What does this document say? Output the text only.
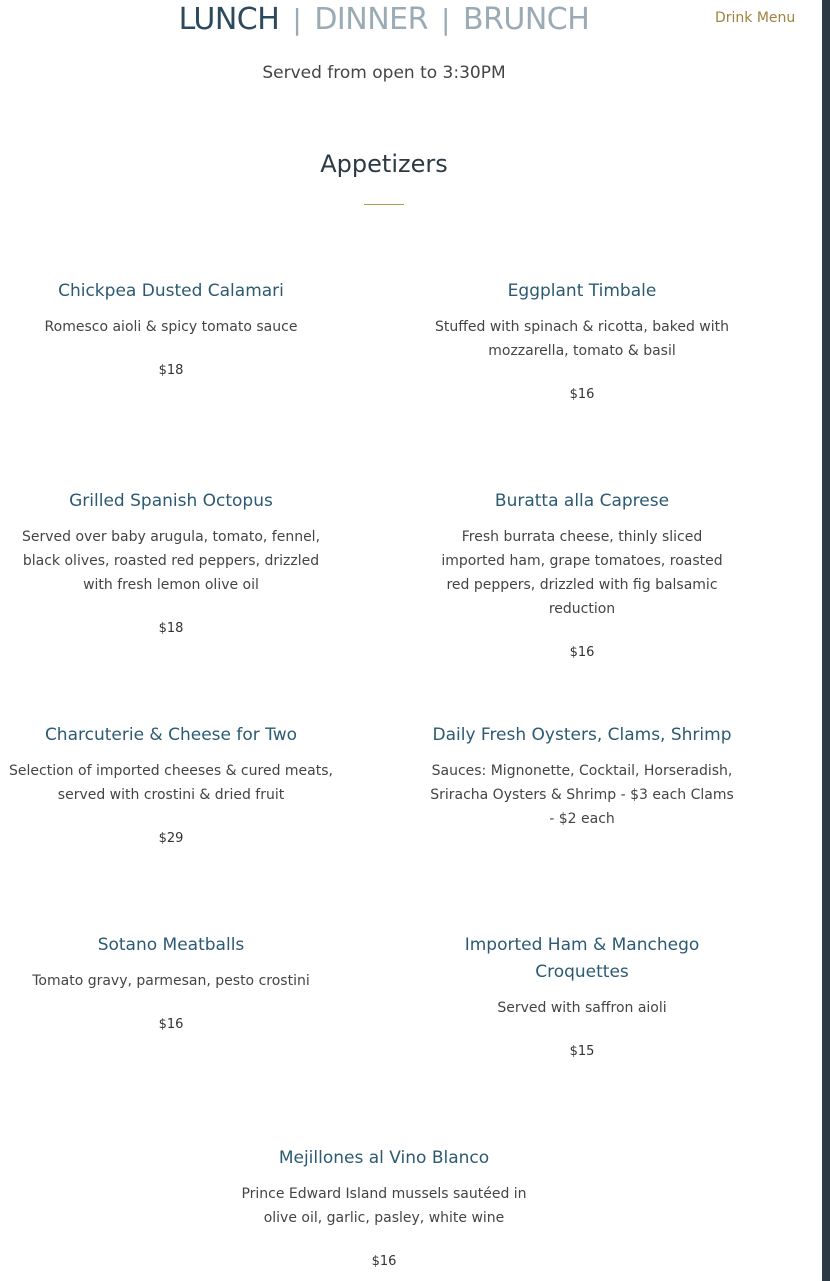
LUNCH | DINNER | BRUNCH	Drink Menu
Served from open to 3:30PM
Appetizers

Chickpea Dusted Calamari

Romesco aioli & spicy tomato sauce

$18

Eggplant Timbale

Stuffed with spinach & ricotta, baked with mozzarella, tomato & basil

$16

Grilled Spanish Octopus

Served over baby arugula, tomato, fennel, black olives, roasted red peppers, drizzled with fresh lemon olive oil

$18

Buratta alla Caprese

Fresh burrata cheese, thinly sliced imported ham, grape tomatoes, roasted red peppers, drizzled with fig balsamic reduction

$16

Charcuterie & Cheese for Two

Selection of imported cheeses & cured meats, served with crostini & dried fruit

$29

Daily Fresh Oysters, Clams, Shrimp

Sauces: Mignonette, Cocktail, Horseradish, Sriracha Oysters & Shrimp - $3 each Clams - $2 each

Sotano Meatballs

Tomato gravy, parmesan, pesto crostini

$16

Imported Ham & Manchego Croquettes

Served with saffron aioli

$15

Mejillones al Vino Blanco

Prince Edward Island mussels sautéed in olive oil, garlic, pasley, white wine

$16
